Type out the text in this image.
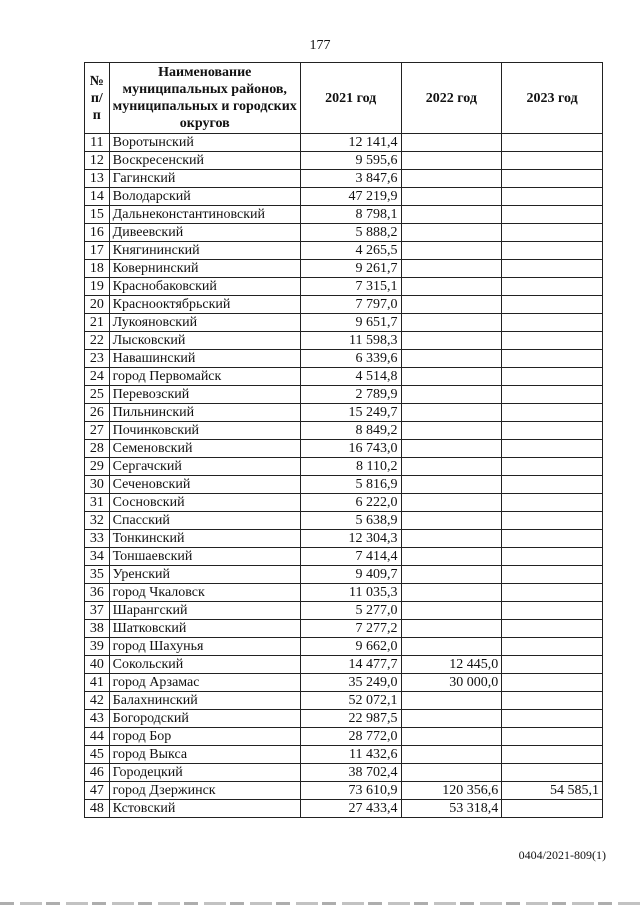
177
№ п/п	Наименование муниципальных районов, муниципальных и городских округов	2021 год	2022 год	2023 год
11	Воротынский	12 141,4		
12	Воскресенский	9 595,6		
13	Гагинский	3 847,6		
14	Володарский	47 219,9		
15	Дальнеконстантиновский	8 798,1		
16	Дивеевский	5 888,2		
17	Княгининский	4 265,5		
18	Ковернинский	9 261,7		
19	Краснобаковский	7 315,1		
20	Краснооктябрьский	7 797,0		
21	Лукояновский	9 651,7		
22	Лысковский	11 598,3		
23	Навашинский	6 339,6		
24	город Первомайск	4 514,8		
25	Перевозский	2 789,9		
26	Пильнинский	15 249,7		
27	Починковский	8 849,2		
28	Семеновский	16 743,0		
29	Сергачский	8 110,2		
30	Сеченовский	5 816,9		
31	Сосновский	6 222,0		
32	Спасский	5 638,9		
33	Тонкинский	12 304,3		
34	Тоншаевский	7 414,4		
35	Уренский	9 409,7		
36	город Чкаловск	11 035,3		
37	Шарангский	5 277,0		
38	Шатковский	7 277,2		
39	город Шахунья	9 662,0		
40	Сокольский	14 477,7	12 445,0	
41	город Арзамас	35 249,0	30 000,0	
42	Балахнинский	52 072,1		
43	Богородский	22 987,5		
44	город Бор	28 772,0		
45	город Выкса	11 432,6		
46	Городецкий	38 702,4		
47	город Дзержинск	73 610,9	120 356,6	54 585,1
48	Кстовский	27 433,4	53 318,4	
0404/2021-809(1)
